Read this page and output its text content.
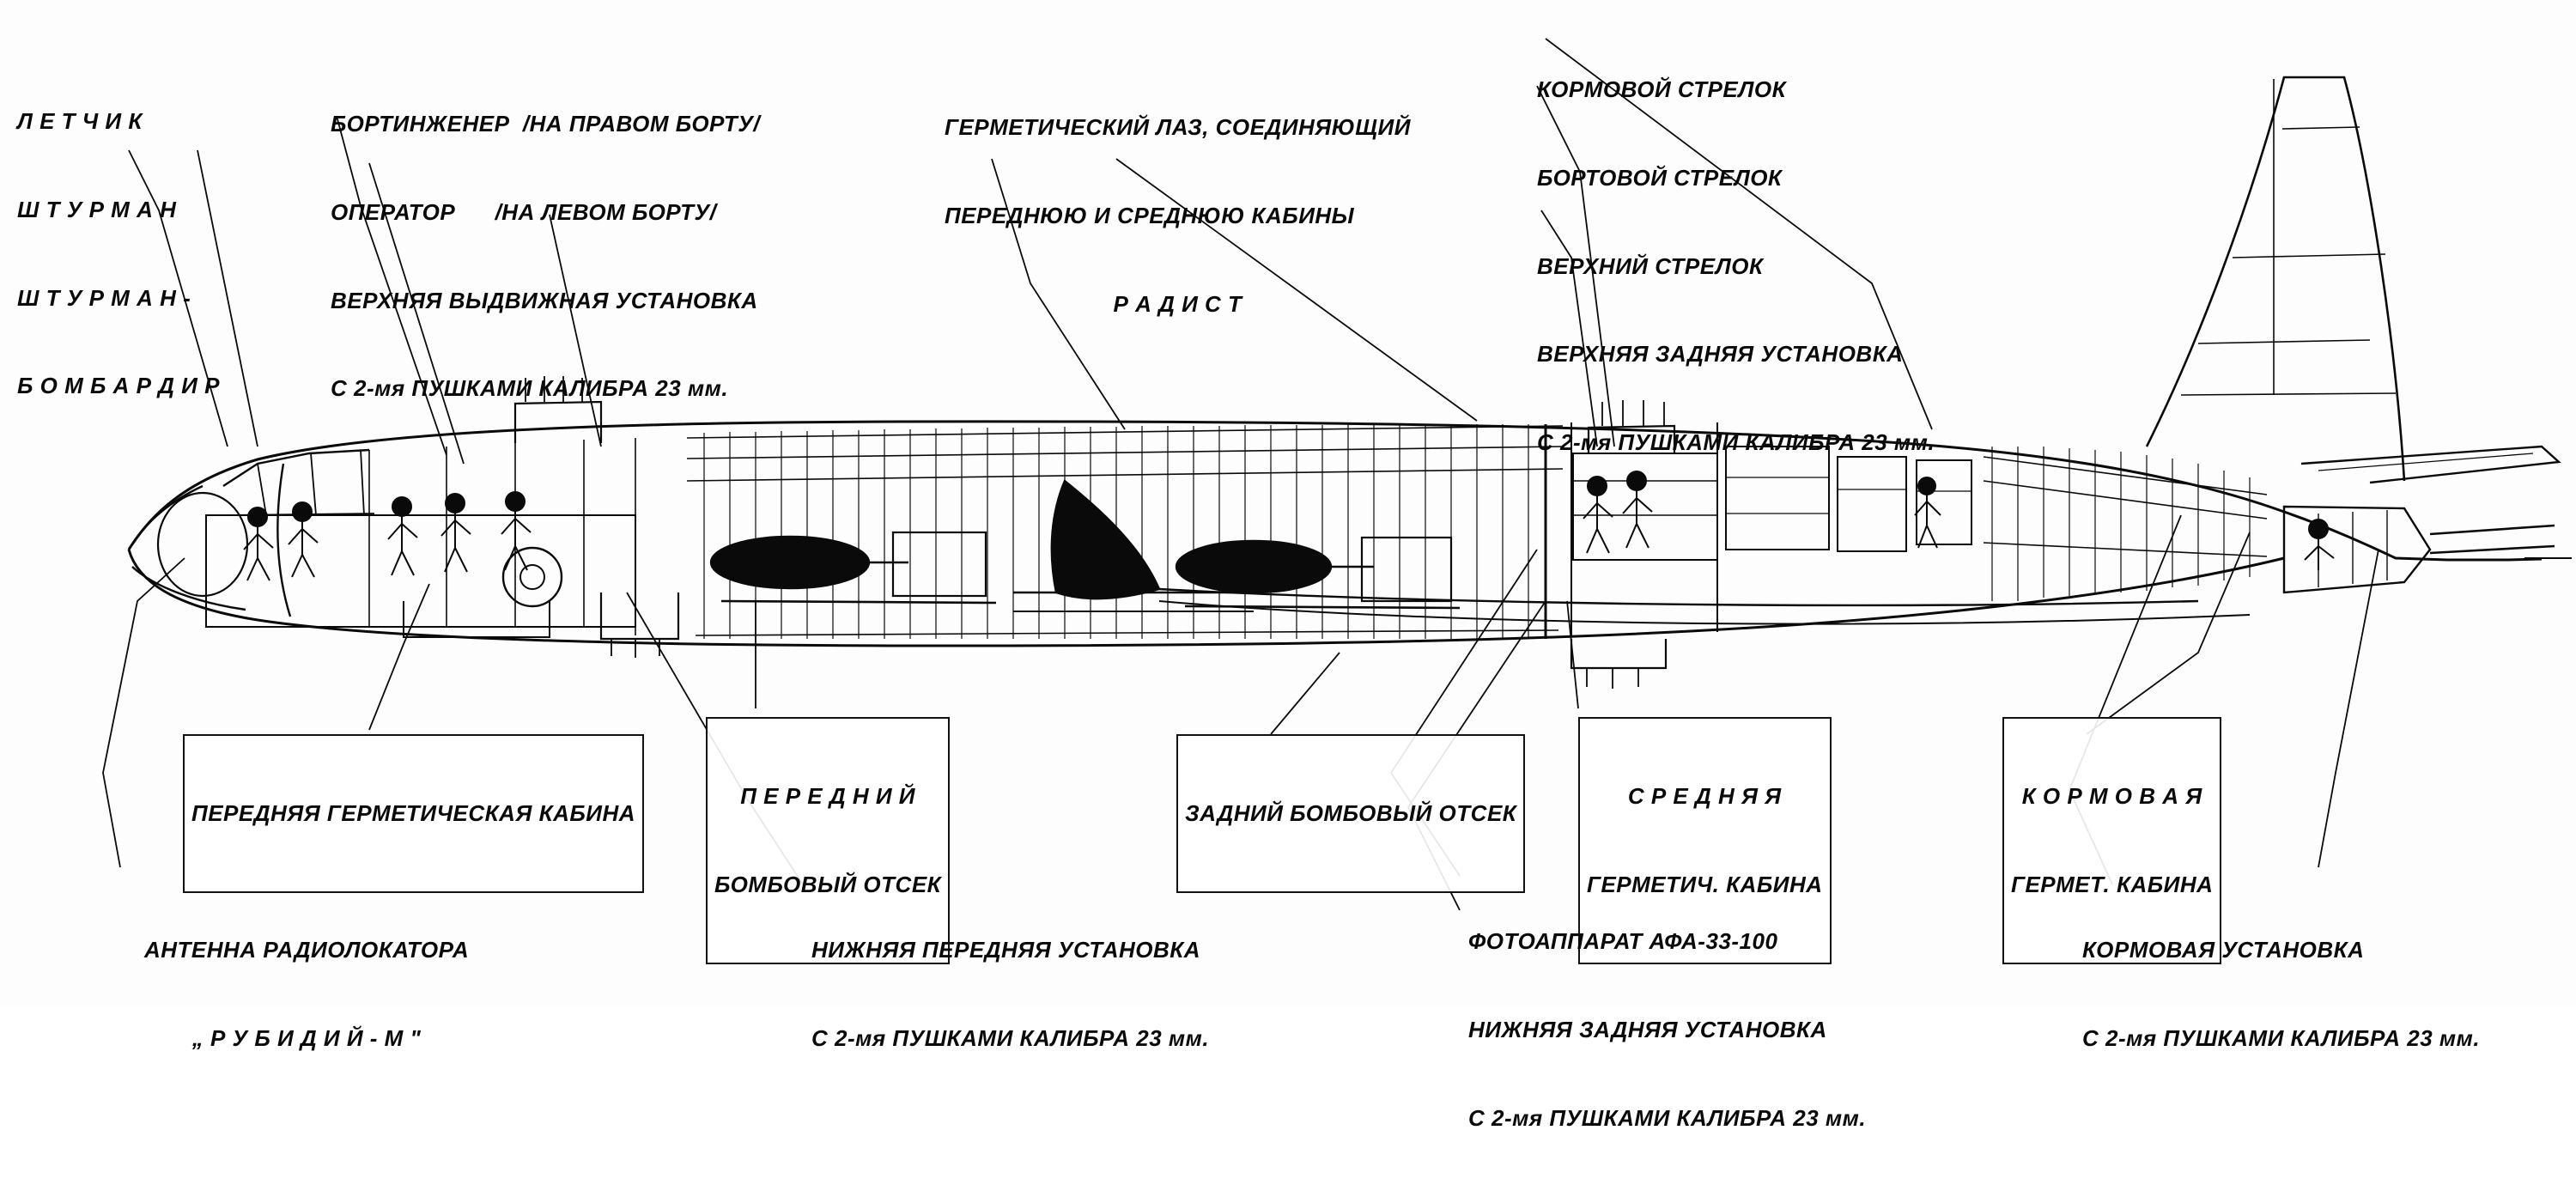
Л Е Т Ч И К

Ш Т У Р М А Н

Ш Т У Р М А Н -

Б О М Б А Р Д И Р

БОРТИНЖЕНЕР  /НА ПРАВОМ БОРТУ/

ОПЕРАТОР      /НА ЛЕВОМ БОРТУ/

ВЕРХНЯЯ ВЫДВИЖНАЯ УСТАНОВКА

С 2-мя ПУШКАМИ КАЛИБРА 23 мм.

ГЕРМЕТИЧЕСКИЙ ЛАЗ, СОЕДИНЯЮЩИЙ

ПЕРЕДНЮЮ И СРЕДНЮЮ КАБИНЫ

Р А Д И С Т

КОРМОВОЙ СТРЕЛОК

БОРТОВОЙ СТРЕЛОК

ВЕРХНИЙ СТРЕЛОК

ВЕРХНЯЯ ЗАДНЯЯ УСТАНОВКА

С 2-мя ПУШКАМИ КАЛИБРА 23 мм.

ПЕРЕДНЯЯ ГЕРМЕТИЧЕСКАЯ КАБИНА

П Е Р Е Д Н И Й

БОМБОВЫЙ ОТСЕК

ЗАДНИЙ БОМБОВЫЙ ОТСЕК

С Р Е Д Н Я Я

ГЕРМЕТИЧ. КАБИНА

К О Р М О В А Я

ГЕРМЕТ. КАБИНА

АНТЕННА РАДИОЛОКАТОРА

„ Р У Б И Д И Й - М "

НИЖНЯЯ ПЕРЕДНЯЯ УСТАНОВКА

С 2-мя ПУШКАМИ КАЛИБРА 23 мм.

ФОТОАППАРАТ АФА-33-100

НИЖНЯЯ ЗАДНЯЯ УСТАНОВКА

С 2-мя ПУШКАМИ КАЛИБРА 23 мм.

КОРМОВАЯ УСТАНОВКА

С 2-мя ПУШКАМИ КАЛИБРА 23 мм.
